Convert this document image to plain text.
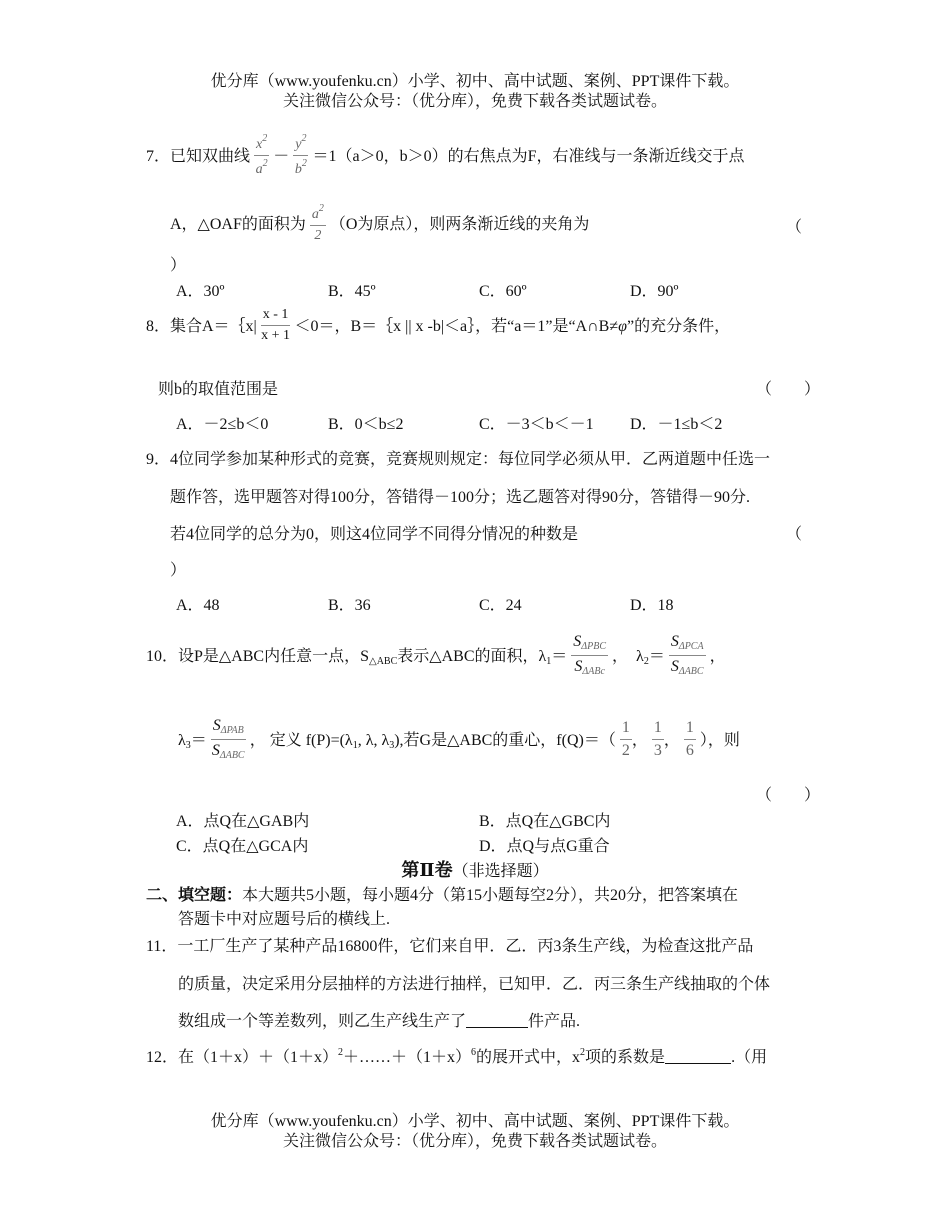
优分库（www.youfenku.cn）小学、初中、高中试题、案例、PPT课件下载。
关注微信公众号：（优分库），免费下载各类试题试卷。
7．已知双曲线 $\frac{x^2}{a^2} - \frac{y^2}{b^2} =1(a>0$，b＞0）的右焦点为F，右准线与一条渐近线交于点
A，△OAF的面积为 $\frac{a^2}{2} (O$为原点），则两条渐近线的夹角为	（
）
A．30º	B．45º	C．60º	D．90º
8．集合A＝｛x| $\frac{x - 1}{x + 1} <0=$，B＝｛x || x -b|＜a｝，若“a＝1”是“A∩B≠φ”的充分条件，
则b的取值范围是	（　　）
A．－2≤b＜0	B．0＜b≤2	C．－3＜b＜－1 D．－1≤b＜2
9．4位同学参加某种形式的竞赛，竞赛规则规定：每位同学必须从甲．乙两道题中任选一
题作答，选甲题答对得100分，答错得－100分；选乙题答对得90分，答错得－90分.
若4位同学的总分为0，则这4位同学不同得分情况的种数是	（
）
A．48	B．36	C．24	D．18
10．设P是△ABC内任意一点，$S_{\triangle ABC}$表示△ABC的面积，$\lambda_1= \frac{S_{\Delta PBC}}{S_{\Delta ABc}}$ ， $\lambda_2= \frac{S_{\Delta PCA}}{S_{\Delta ABC}}$ ，
$\lambda_3= \frac{S_{\Delta PAB}}{S_{\Delta ABC}}$ ， 定义 $f(P)=(\lambda_1$, λ, $\lambda_3$),若G是△ABC的重心，$f(Q)=( \frac{1}{2}$ ， $\frac{1}{3}$ ， $\frac{1}{6}$ ），则
（　　）
A．点Q在△GAB内	B．点Q在△GBC内
C．点Q在△GCA内	D．点Q与点G重合
第Ⅱ卷（非选择题）
二、填空题：本大题共5小题，每小题4分（第15小题每空2分），共20分，把答案填在
答题卡中对应题号后的横线上.
11．一工厂生产了某种产品16800件，它们来自甲．乙．丙3条生产线，为检查这批产品
的质量，决定采用分层抽样的方法进行抽样，已知甲．乙．丙三条生产线抽取的个体
数组成一个等差数列，则乙生产线生产了	件产品.
12．在$(1+x)+(1+x)^2+\dots\dots+(1+x)^6$的展开式中，$x^2$项的系数是	.（用
优分库（www.youfenku.cn）小学、初中、高中试题、案例、PPT课件下载。
关注微信公众号：（优分库），免费下载各类试题试卷。
